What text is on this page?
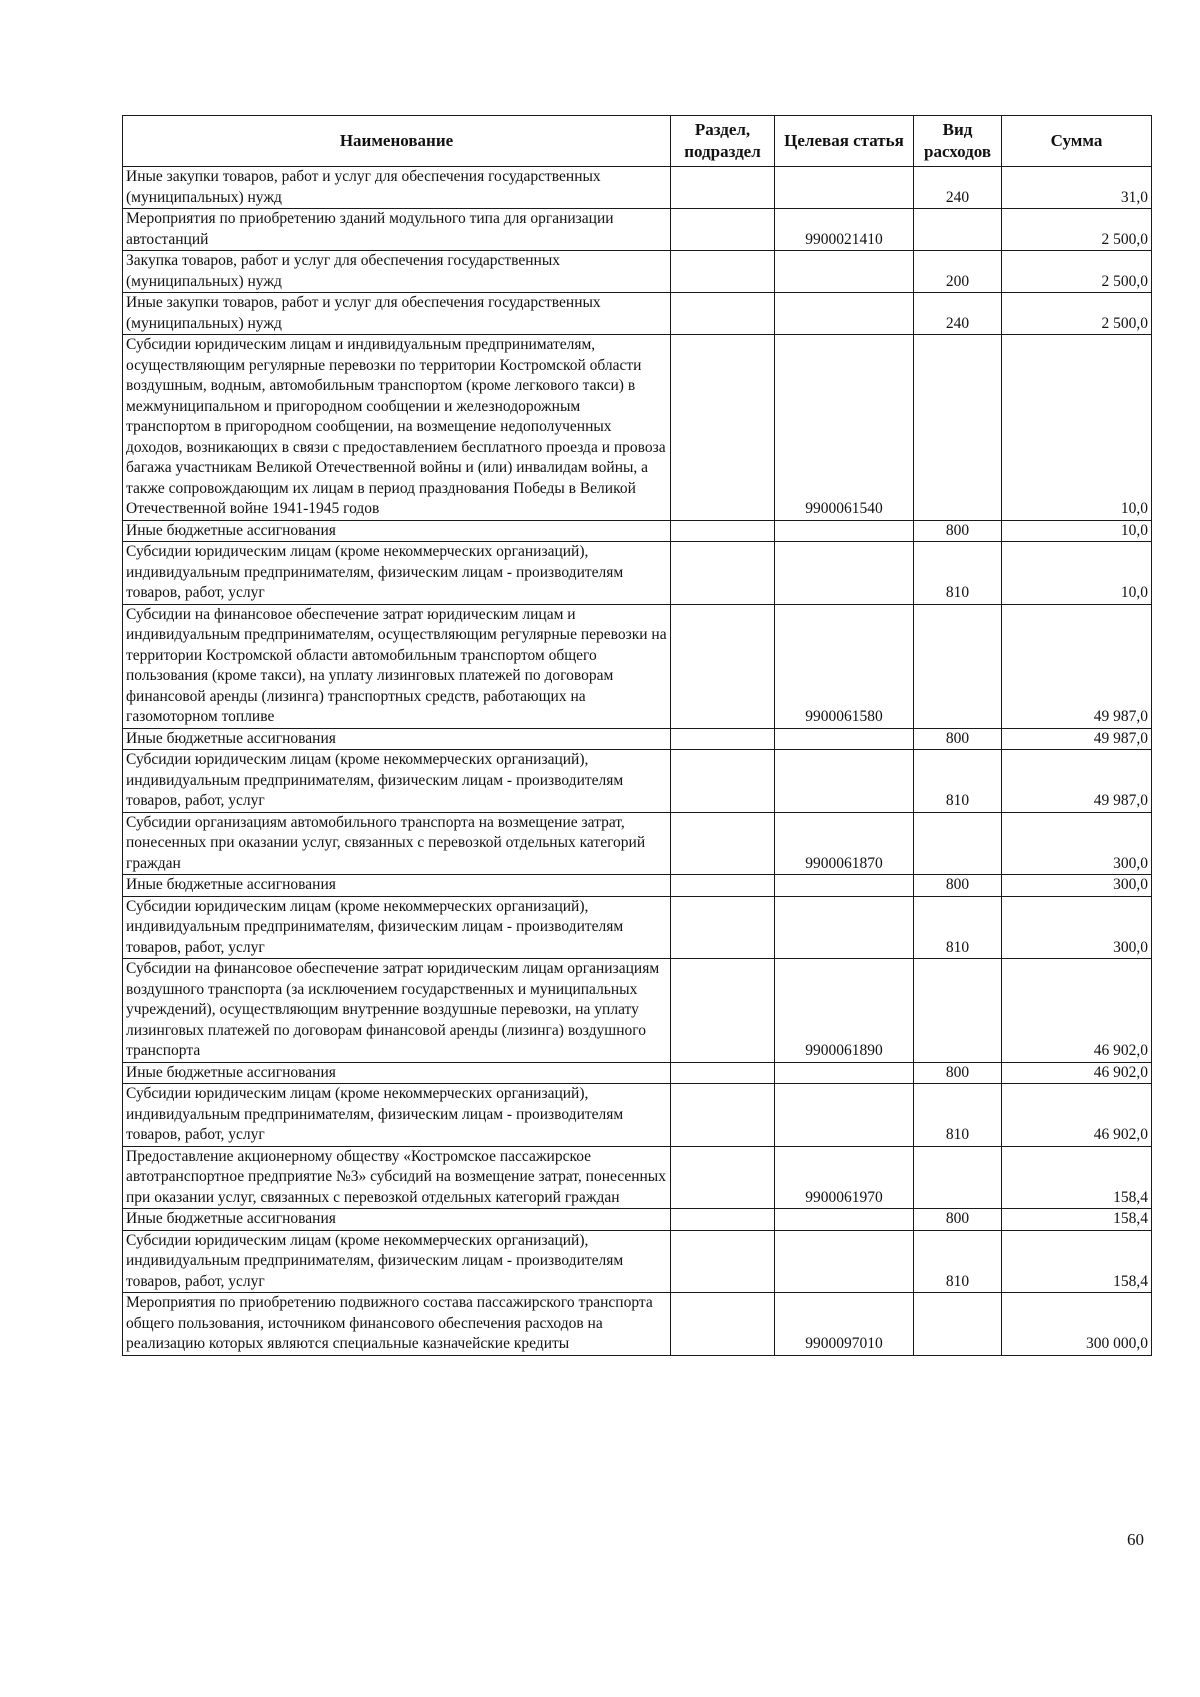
Наименование	Раздел, подраздел	Целевая статья	Вид расходов	Сумма
Иные закупки товаров, работ и услуг для обеспечения государственных (муниципальных) нужд			240	31,0
Мероприятия по приобретению зданий модульного типа для организации автостанций		9900021410		2 500,0
Закупка товаров, работ и услуг для обеспечения государственных (муниципальных) нужд			200	2 500,0
Иные закупки товаров, работ и услуг для обеспечения государственных (муниципальных) нужд			240	2 500,0
Субсидии юридическим лицам и индивидуальным предпринимателям, осуществляющим регулярные перевозки по территории Костромской области воздушным, водным, автомобильным транспортом (кроме легкового такси) в межмуниципальном и пригородном сообщении и железнодорожным транспортом в пригородном сообщении, на возмещение недополученных доходов, возникающих в связи с предоставлением бесплатного проезда и провоза багажа участникам Великой Отечественной войны и (или) инвалидам войны, а также сопровождающим их лицам в период празднования Победы в Великой Отечественной войне 1941-1945 годов		9900061540		10,0
Иные бюджетные ассигнования			800	10,0
Субсидии юридическим лицам (кроме некоммерческих организаций), индивидуальным предпринимателям, физическим лицам - производителям товаров, работ, услуг			810	10,0
Субсидии на финансовое обеспечение затрат юридическим лицам и индивидуальным предпринимателям, осуществляющим регулярные перевозки на территории Костромской области автомобильным транспортом общего пользования (кроме такси), на уплату лизинговых платежей по договорам финансовой аренды (лизинга) транспортных средств, работающих на газомоторном топливе		9900061580		49 987,0
Иные бюджетные ассигнования			800	49 987,0
Субсидии юридическим лицам (кроме некоммерческих организаций), индивидуальным предпринимателям, физическим лицам - производителям товаров, работ, услуг			810	49 987,0
Субсидии организациям автомобильного транспорта на возмещение затрат, понесенных при оказании услуг, связанных с перевозкой отдельных категорий граждан		9900061870		300,0
Иные бюджетные ассигнования			800	300,0
Субсидии юридическим лицам (кроме некоммерческих организаций), индивидуальным предпринимателям, физическим лицам - производителям товаров, работ, услуг			810	300,0
Субсидии на финансовое обеспечение затрат юридическим лицам организациям воздушного транспорта (за исключением государственных и муниципальных учреждений), осуществляющим внутренние воздушные перевозки, на уплату лизинговых платежей по договорам финансовой аренды (лизинга) воздушного транспорта		9900061890		46 902,0
Иные бюджетные ассигнования			800	46 902,0
Субсидии юридическим лицам (кроме некоммерческих организаций), индивидуальным предпринимателям, физическим лицам - производителям товаров, работ, услуг			810	46 902,0
Предоставление акционерному обществу «Костромское пассажирское автотранспортное предприятие №3» субсидий на возмещение затрат, понесенных при оказании услуг, связанных с перевозкой отдельных категорий граждан		9900061970		158,4
Иные бюджетные ассигнования			800	158,4
Субсидии юридическим лицам (кроме некоммерческих организаций), индивидуальным предпринимателям, физическим лицам - производителям товаров, работ, услуг			810	158,4
Мероприятия по приобретению подвижного состава пассажирского транспорта общего пользования, источником финансового обеспечения расходов на реализацию которых являются специальные казначейские кредиты		9900097010		300 000,0
60
